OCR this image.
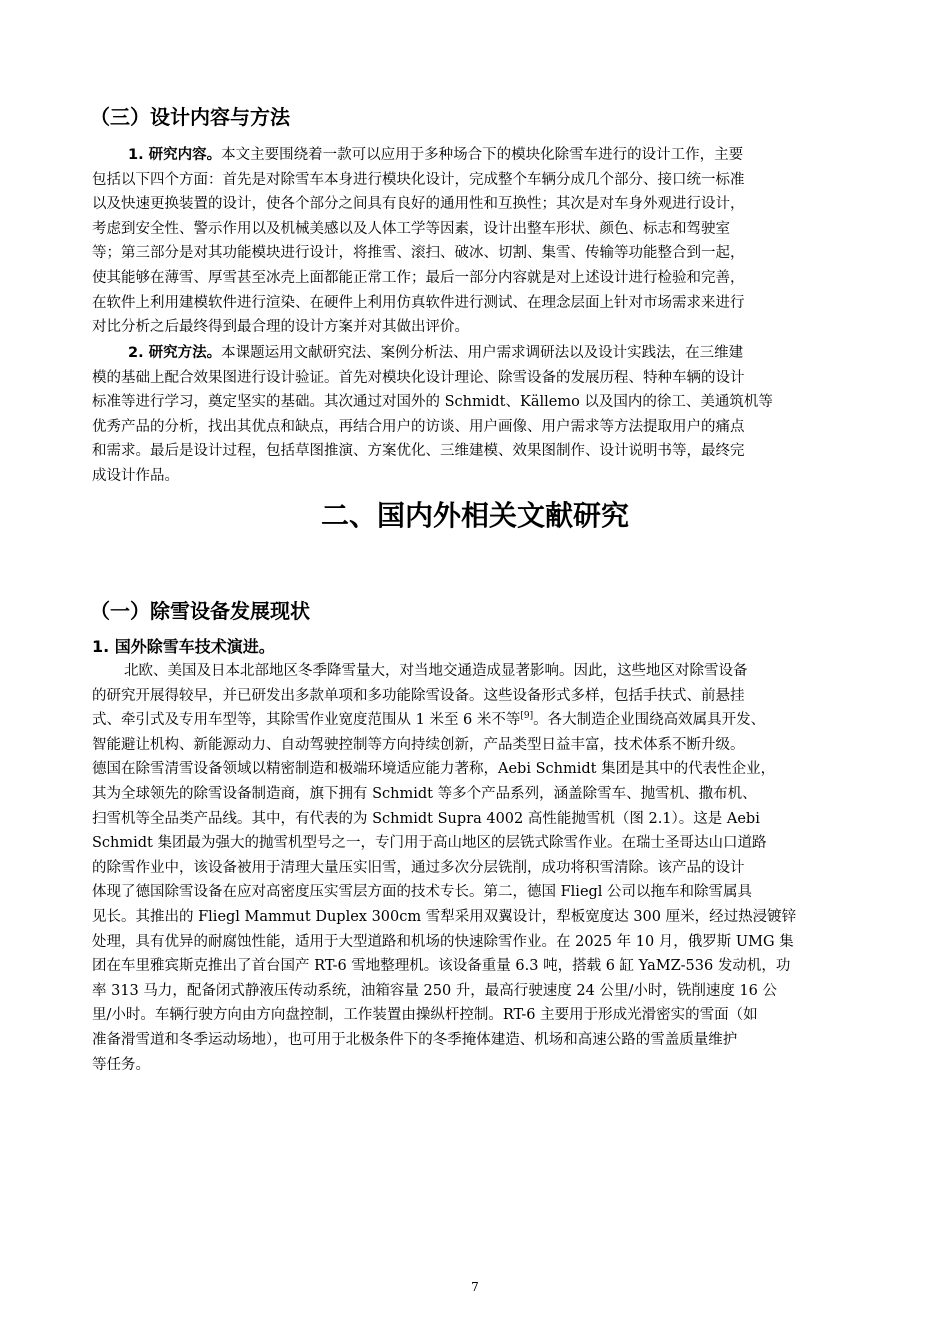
（三）设计内容与方法
1. 研究内容。本文主要围绕着一款可以应用于多种场合下的模块化除雪车进行的设计工作，主要
包括以下四个方面：首先是对除雪车本身进行模块化设计，完成整个车辆分成几个部分、接口统一标准
以及快速更换装置的设计，使各个部分之间具有良好的通用性和互换性；其次是对车身外观进行设计，
考虑到安全性、警示作用以及机械美感以及人体工学等因素，设计出整车形状、颜色、标志和驾驶室
等；第三部分是对其功能模块进行设计，将推雪、滚扫、破冰、切割、集雪、传输等功能整合到一起，
使其能够在薄雪、厚雪甚至冰壳上面都能正常工作；最后一部分内容就是对上述设计进行检验和完善，
在软件上利用建模软件进行渲染、在硬件上利用仿真软件进行测试、在理念层面上针对市场需求来进行
对比分析之后最终得到最合理的设计方案并对其做出评价。
2. 研究方法。本课题运用文献研究法、案例分析法、用户需求调研法以及设计实践法，在三维建
模的基础上配合效果图进行设计验证。首先对模块化设计理论、除雪设备的发展历程、特种车辆的设计
标准等进行学习，奠定坚实的基础。其次通过对国外的 Schmidt、Källemo 以及国内的徐工、美通筑机等
优秀产品的分析，找出其优点和缺点，再结合用户的访谈、用户画像、用户需求等方法提取用户的痛点
和需求。最后是设计过程，包括草图推演、方案优化、三维建模、效果图制作、设计说明书等，最终完
成设计作品。
二、国内外相关文献研究
（一）除雪设备发展现状
1. 国外除雪车技术演进。
北欧、美国及日本北部地区冬季降雪量大，对当地交通造成显著影响。因此，这些地区对除雪设备
的研究开展得较早，并已研发出多款单项和多功能除雪设备。这些设备形式多样，包括手扶式、前悬挂
式、牵引式及专用车型等，其除雪作业宽度范围从 1 米至 6 米不等[9]。各大制造企业围绕高效属具开发、
智能避让机构、新能源动力、自动驾驶控制等方向持续创新，产品类型日益丰富，技术体系不断升级。
德国在除雪清雪设备领域以精密制造和极端环境适应能力著称，Aebi Schmidt 集团是其中的代表性企业，
其为全球领先的除雪设备制造商，旗下拥有 Schmidt 等多个产品系列，涵盖除雪车、抛雪机、撒布机、
扫雪机等全品类产品线。其中，有代表的为 Schmidt Supra 4002 高性能抛雪机（图 2.1）。这是 Aebi
Schmidt 集团最为强大的抛雪机型号之一，专门用于高山地区的层铣式除雪作业。在瑞士圣哥达山口道路
的除雪作业中，该设备被用于清理大量压实旧雪，通过多次分层铣削，成功将积雪清除。该产品的设计
体现了德国除雪设备在应对高密度压实雪层方面的技术专长。第二，德国 Fliegl 公司以拖车和除雪属具
见长。其推出的 Fliegl Mammut Duplex 300cm 雪犁采用双翼设计，犁板宽度达 300 厘米，经过热浸镀锌
处理，具有优异的耐腐蚀性能，适用于大型道路和机场的快速除雪作业。在 2025 年 10 月，俄罗斯 UMG 集
团在车里雅宾斯克推出了首台国产 RT-6 雪地整理机。该设备重量 6.3 吨，搭载 6 缸 YaMZ-536 发动机，功
率 313 马力，配备闭式静液压传动系统，油箱容量 250 升，最高行驶速度 24 公里/小时，铣削速度 16 公
里/小时。车辆行驶方向由方向盘控制，工作装置由操纵杆控制。RT-6 主要用于形成光滑密实的雪面（如
准备滑雪道和冬季运动场地），也可用于北极条件下的冬季掩体建造、机场和高速公路的雪盖质量维护
等任务。
7
